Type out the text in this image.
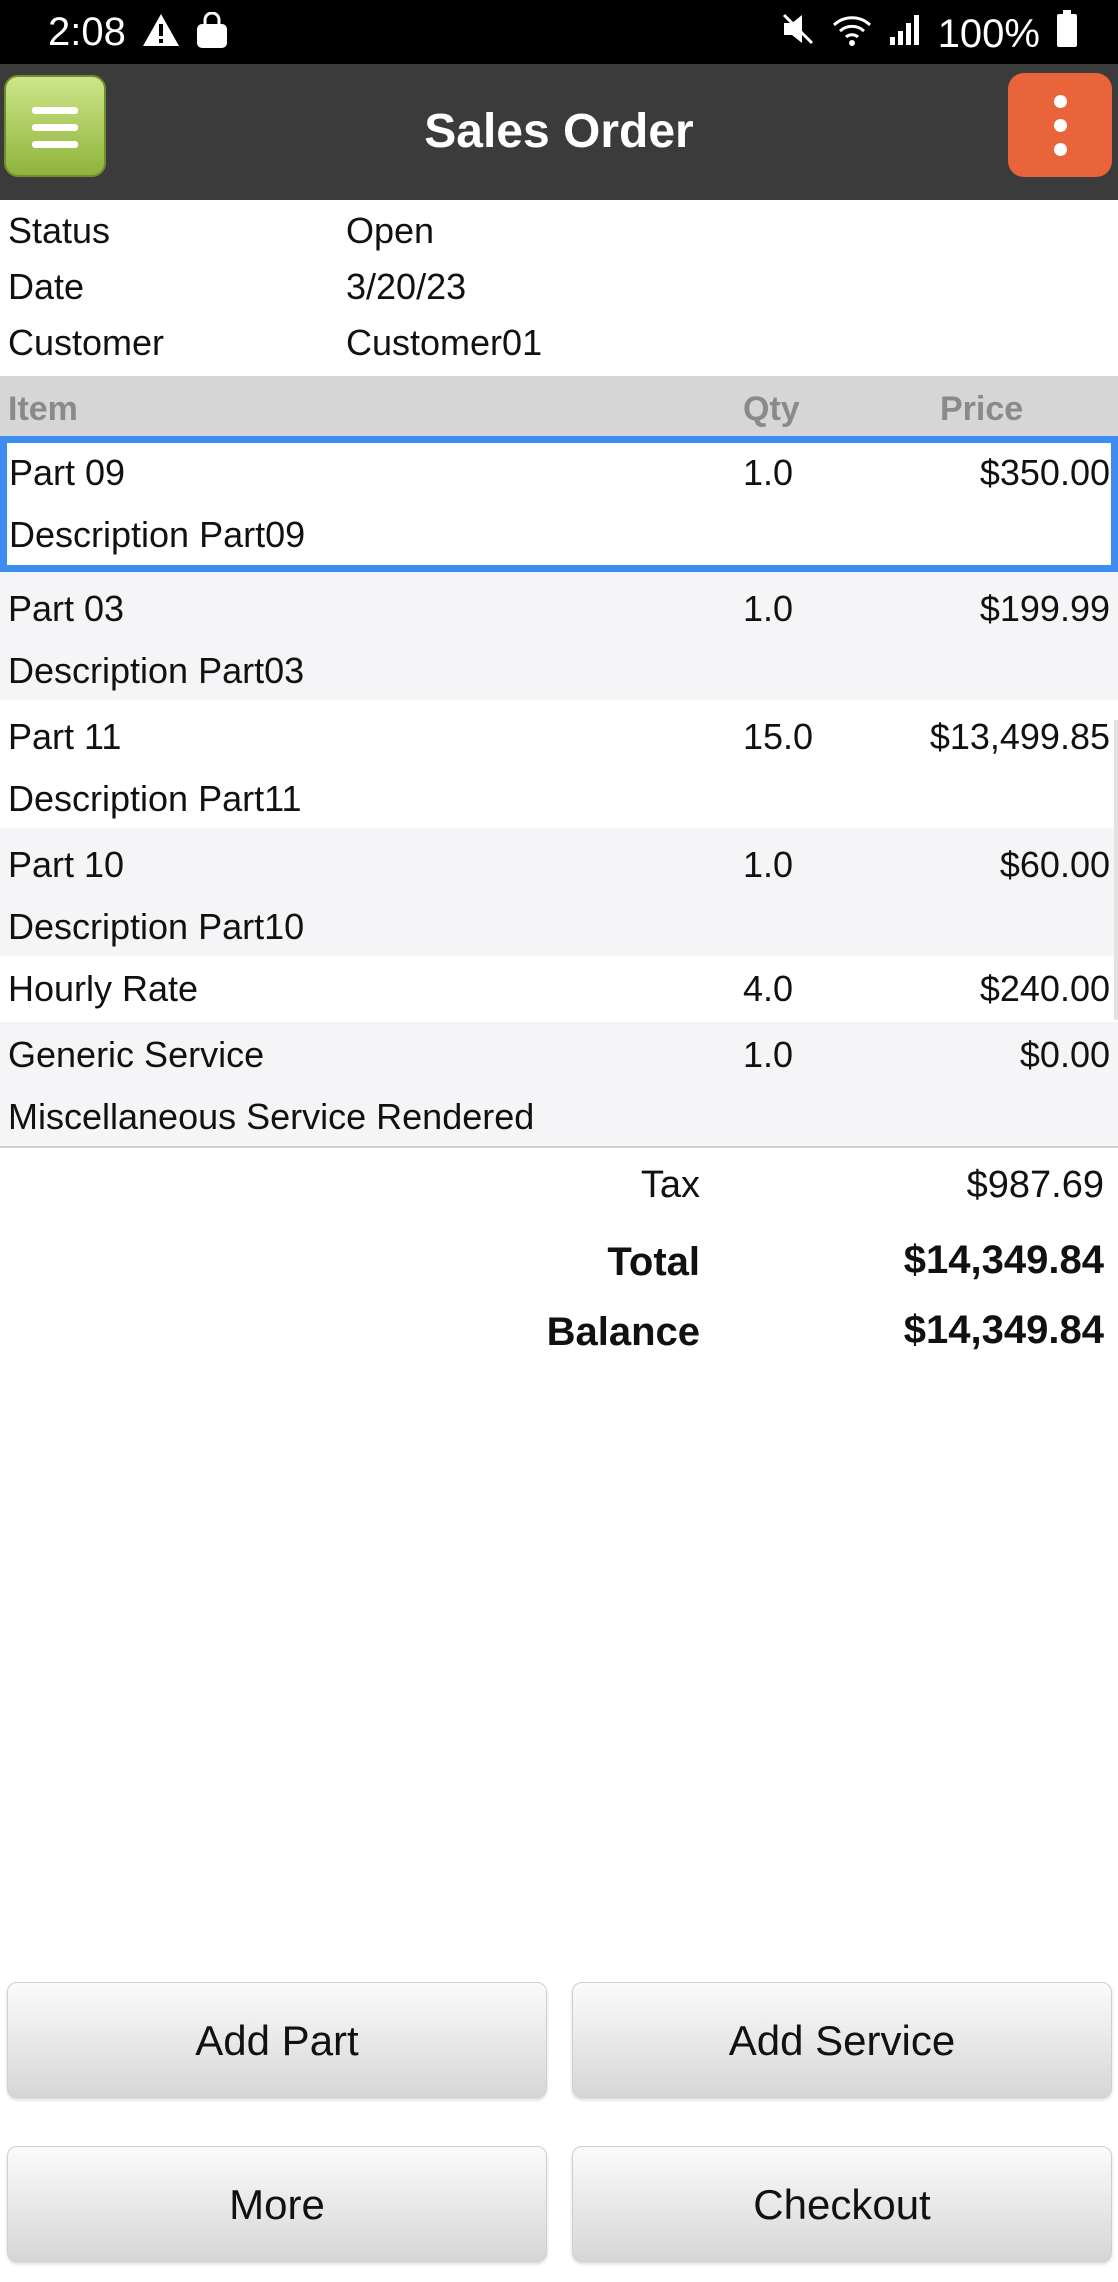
2:08	100%
Sales Order
Status	Open
Date	3/20/23
Customer	Customer01
Item	Qty	Price
Part 09	1.0	$350.00
Description Part09
Part 03	1.0	$199.99
Description Part03
Part 11	15.0	$13,499.85
Description Part11
Part 10	1.0	$60.00
Description Part10
Hourly Rate	4.0	$240.00
Generic Service	1.0	$0.00
Miscellaneous Service Rendered
Tax	$987.69
Total	$14,349.84
Balance	$14,349.84
Add Part	Add Service
More	Checkout
